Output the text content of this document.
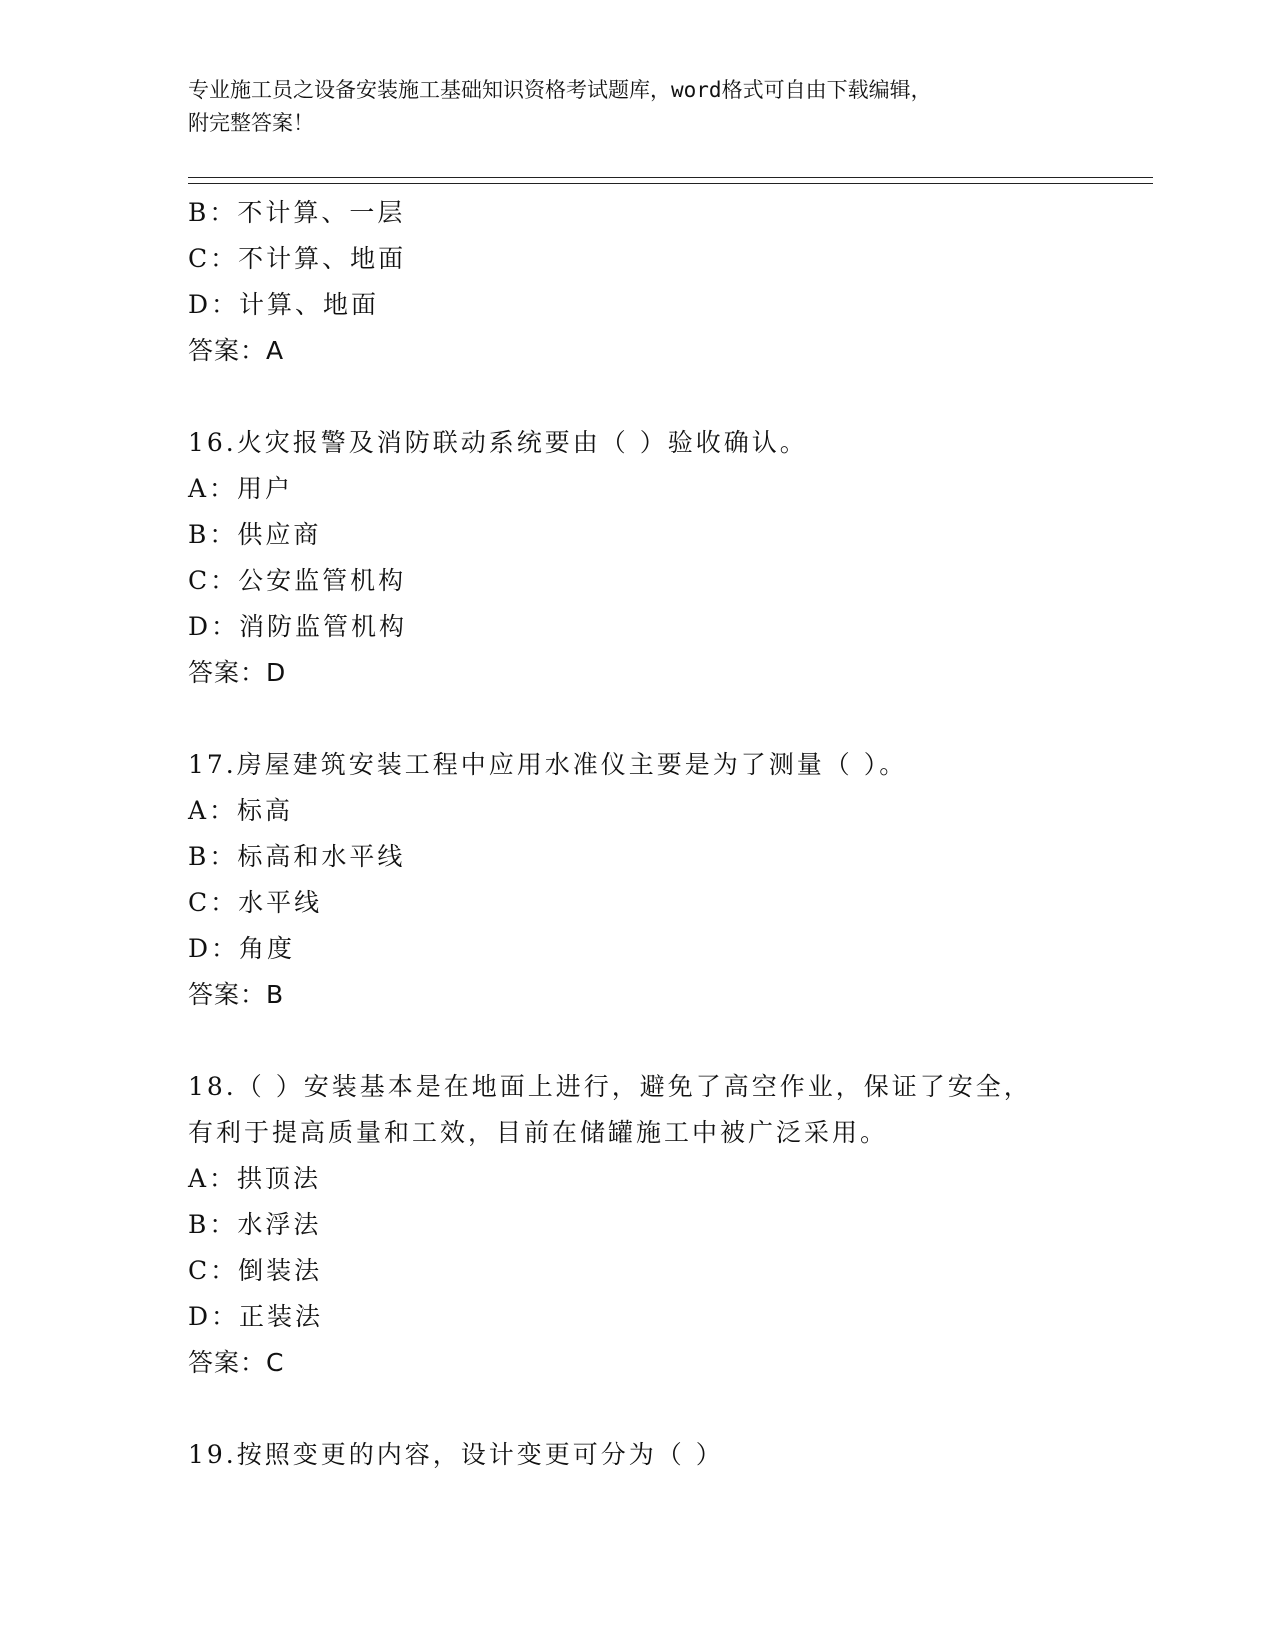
专业施工员之设备安装施工基础知识资格考试题库，word格式可自由下载编辑，
附完整答案！
B：不计算、一层
C：不计算、地面
D：计算、地面
答案：A
16.火灾报警及消防联动系统要由（ ）验收确认。
A：用户
B：供应商
C：公安监管机构
D：消防监管机构
答案：D
17.房屋建筑安装工程中应用水准仪主要是为了测量（ ）。
A：标高
B：标高和水平线
C：水平线
D：角度
答案：B
18.（ ）安装基本是在地面上进行，避免了高空作业，保证了安全，
有利于提高质量和工效，目前在储罐施工中被广泛采用。
A：拱顶法
B：水浮法
C：倒装法
D：正装法
答案：C
19.按照变更的内容，设计变更可分为（ ）
